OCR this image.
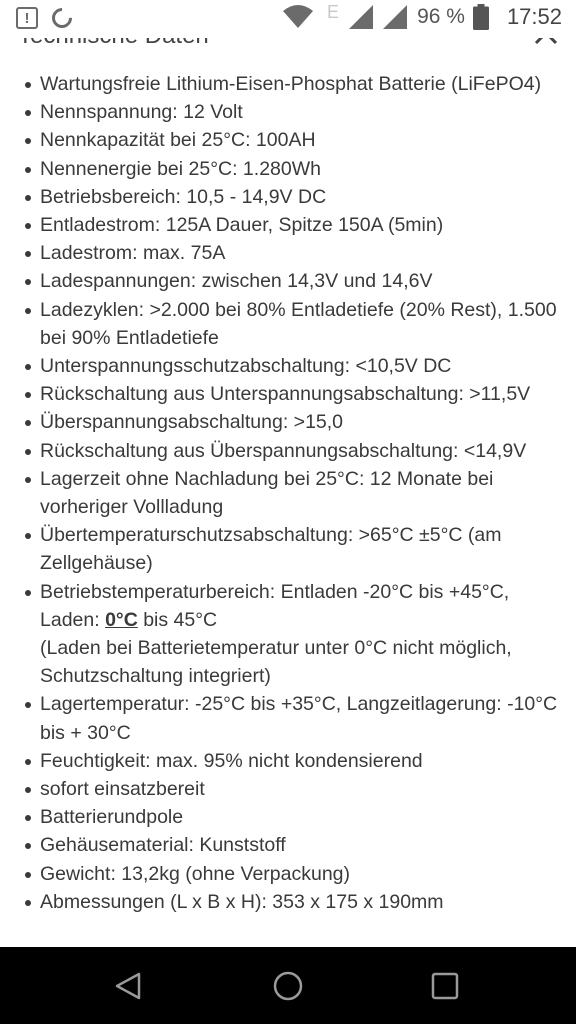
!	E	96 % 17:52
Wartungsfreie Lithium-Eisen-Phosphat Batterie (LiFePO4)
Nennspannung: 12 Volt
Nennkapazität bei 25°C: 100AH
Nennenergie bei 25°C: 1.280Wh
Betriebsbereich: 10,5 - 14,9V DC
Entladestrom: 125A Dauer, Spitze 150A (5min)
Ladestrom: max. 75A
Ladespannungen: zwischen 14,3V und 14,6V
Ladezyklen: >2.000 bei 80% Entladetiefe (20% Rest), 1.500 bei 90% Entladetiefe
Unterspannungsschutzabschaltung: <10,5V DC
Rückschaltung aus Unterspannungsabschaltung: >11,5V
Überspannungsabschaltung: >15,0
Rückschaltung aus Überspannungsabschaltung: <14,9V
Lagerzeit ohne Nachladung bei 25°C: 12 Monate bei vorheriger Vollladung
Übertemperaturschutzsabschaltung: >65°C ±5°C (am Zellgehäuse)
Betriebstemperaturbereich: Entladen -20°C bis +45°C, Laden: 0°C bis 45°C
(Laden bei Batterietemperatur unter 0°C nicht möglich, Schutzschaltung integriert)
Lagertemperatur: -25°C bis +35°C, Langzeitlagerung: -10°C bis + 30°C
Feuchtigkeit: max. 95% nicht kondensierend
sofort einsatzbereit
Batterierundpole
Gehäusematerial: Kunststoff
Gewicht: 13,2kg (ohne Verpackung)
Abmessungen (L x B x H): 353 x 175 x 190mm
